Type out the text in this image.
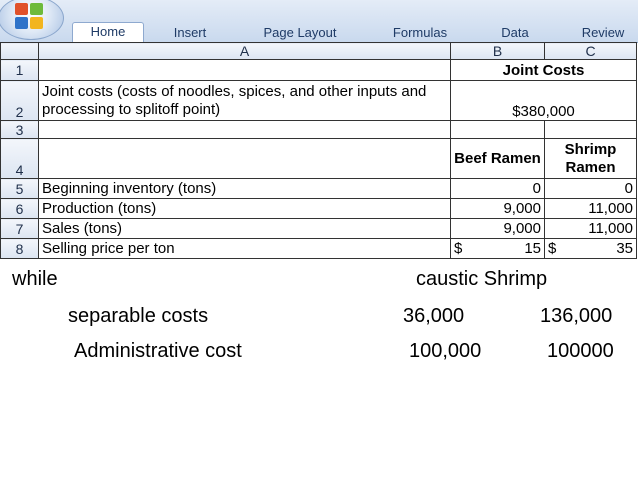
Home	Insert	Page Layout	Formulas	Data	Review
	A	B	C
1		Joint Costs	
2	Joint costs (costs of noodles, spices, and other inputs and processing to splitoff point)	$380,000	
3			
4		Beef Ramen	Shrimp Ramen
5	Beginning inventory (tons)	0	0
6	Production (tons)	9,000	11,000
7	Sales (tons)	9,000	11,000
8	Selling price per ton	$ 15	$ 35
while	caustic Shrimp
separable costs	36,000	136,000
Administrative cost	100,000	100000
